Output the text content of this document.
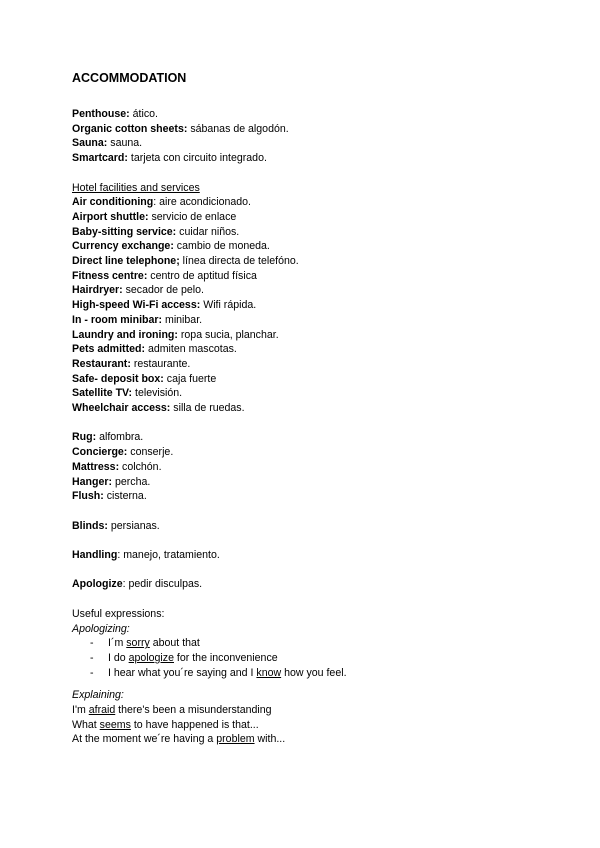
ACCOMMODATION
Penthouse: ático.
Organic cotton sheets: sábanas de algodón.
Sauna: sauna.
Smartcard: tarjeta con circuito integrado.
Hotel facilities and services
Air conditioning: aire acondicionado.
Airport shuttle: servicio de enlace
Baby-sitting service: cuidar niños.
Currency exchange: cambio de moneda.
Direct line telephone; línea directa de telefóno.
Fitness centre: centro de aptitud física
Hairdryer: secador de pelo.
High-speed Wi-Fi access: Wifi rápida.
In - room minibar: minibar.
Laundry and ironing: ropa sucia, planchar.
Pets admitted: admiten mascotas.
Restaurant: restaurante.
Safe- deposit box: caja fuerte
Satellite TV: televisión.
Wheelchair access: silla de ruedas.
Rug: alfombra.
Concierge: conserje.
Mattress: colchón.
Hanger: percha.
Flush: cisterna.
Blinds: persianas.
Handling: manejo, tratamiento.
Apologize: pedir disculpas.
Useful expressions:
Apologizing:
- I´m sorry about that
- I do apologize for the inconvenience
- I hear what you´re saying and I know how you feel.
Explaining:
I'm afraid there's been a misunderstanding
What seems to have happened is that...
At the moment we´re having a problem with...
